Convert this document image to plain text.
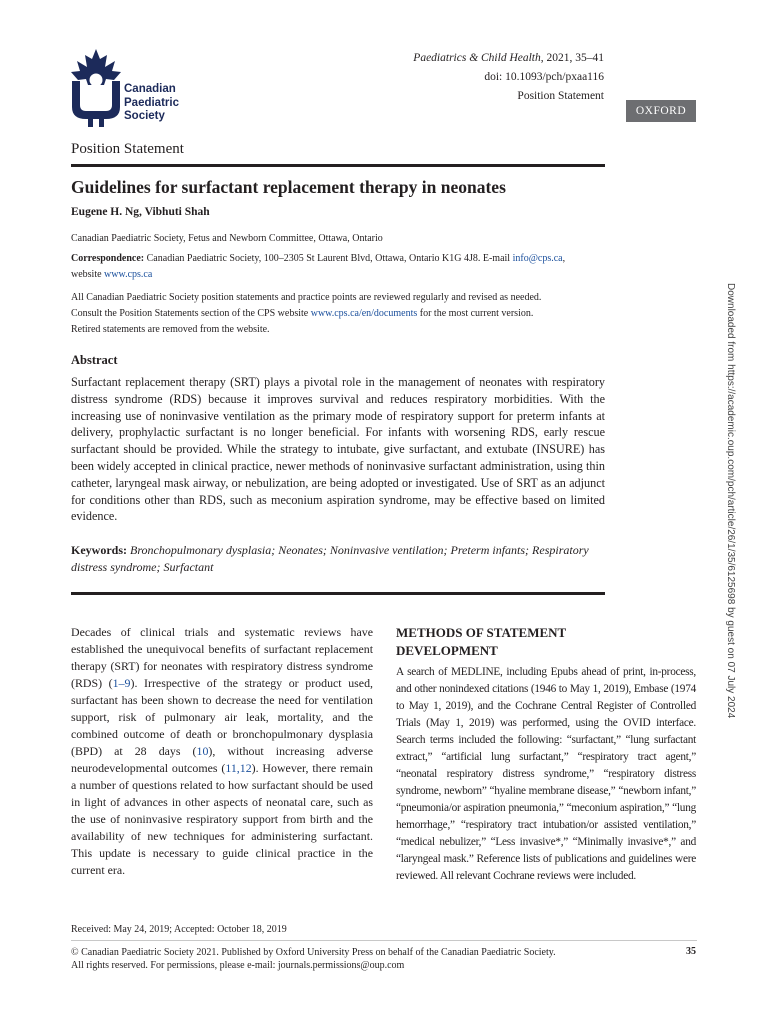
Canadian
Paediatric
Society
Paediatrics & Child Health, 2021, 35–41
doi: 10.1093/pch/pxaa116
Position Statement
OXFORD
Position Statement
Guidelines for surfactant replacement therapy in neonates
Eugene H. Ng, Vibhuti Shah

Canadian Paediatric Society, Fetus and Newborn Committee, Ottawa, Ontario

Correspondence: Canadian Paediatric Society, 100–2305 St Laurent Blvd, Ottawa, Ontario K1G 4J8. E-mail info@cps.ca,
website www.cps.ca

All Canadian Paediatric Society position statements and practice points are reviewed regularly and revised as needed.
Consult the Position Statements section of the CPS website www.cps.ca/en/documents for the most current version.
Retired statements are removed from the website.

Abstract

Surfactant replacement therapy (SRT) plays a pivotal role in the management of neonates with respiratory distress syndrome (RDS) because it improves survival and reduces respiratory morbidities. With the increasing use of noninvasive ventilation as the primary mode of respiratory support for preterm infants at delivery, prophylactic surfactant is no longer beneficial. For infants with worsening RDS, early rescue surfactant should be provided. While the strategy to intubate, give surfactant, and extubate (INSURE) has been widely accepted in clinical practice, newer methods of noninvasive surfactant administration, using thin catheter, laryngeal mask airway, or nebulization, are being adopted or investigated. Use of SRT as an adjunct for conditions other than RDS, such as meconium aspiration syndrome, may be effective based on limited evidence.

Keywords: Bronchopulmonary dysplasia; Neonates; Noninvasive ventilation; Preterm infants; Respiratory distress syndrome; Surfactant

Decades of clinical trials and systematic reviews have established the unequivocal benefits of surfactant replacement therapy (SRT) for neonates with respiratory distress syndrome (RDS) (1–9). Irrespective of the strategy or product used, surfactant has been shown to decrease the need for ventilation support, risk of pulmonary air leak, mortality, and the combined outcome of death or bronchopulmonary dysplasia (BPD) at 28 days (10), without increasing adverse neurodevelopmental outcomes (11,12). However, there remain a number of questions related to how surfactant should be used in light of advances in other aspects of neonatal care, such as the use of noninvasive respiratory support from birth and the availability of new techniques for administering surfactant. This update is necessary to guide clinical practice in the current era.

METHODS OF STATEMENT DEVELOPMENT

A search of MEDLINE, including Epubs ahead of print, in-process, and other nonindexed citations (1946 to May 1, 2019), Embase (1974 to May 1, 2019), and the Cochrane Central Register of Controlled Trials (May 1, 2019) was performed, using the OVID interface. Search terms included the following: “surfactant,” “lung surfactant extract,” “artificial lung surfactant,” “respiratory tract agent,” “neonatal respiratory distress syndrome,” “respiratory distress syndrome, newborn” “hyaline membrane disease,” “newborn infant,” “pneumonia/or aspiration pneumonia,” “meconium aspiration,” “lung hemorrhage,” “respiratory tract intubation/or assisted ventilation,” “medical nebulizer,” “Less invasive*,” “Minimally invasive*,” and “laryngeal mask.” Reference lists of publications and guidelines were reviewed. All relevant Cochrane reviews were included.

Received: May 24, 2019; Accepted: October 18, 2019
© Canadian Paediatric Society 2021. Published by Oxford University Press on behalf of the Canadian Paediatric Society.
All rights reserved. For permissions, please e-mail: journals.permissions@oup.com
35
Downloaded from https://academic.oup.com/pch/article/26/1/35/6125698 by guest on 07 July 2024
